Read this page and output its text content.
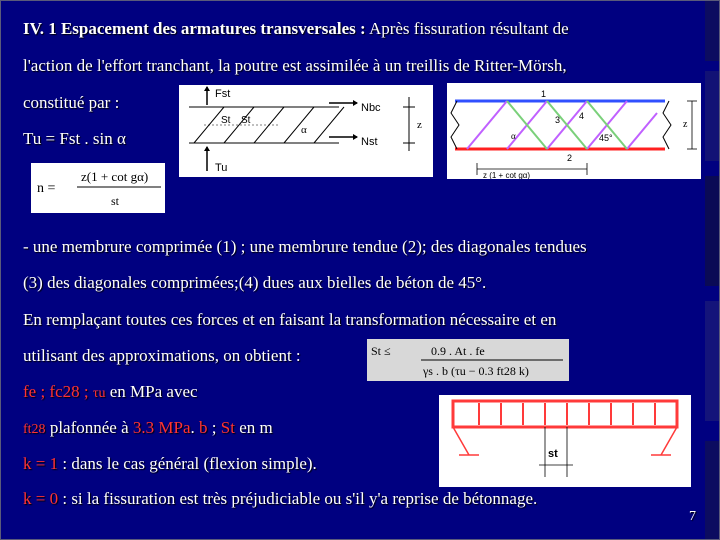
IV. 1 Espacement des armatures transversales : Après fissuration résultant de
l'action de l'effort tranchant, la poutre est assimilée à un treillis de Ritter-Mörsh,
constitué par :
Tu = Fst . sin α
Fst
St St
α
Nbc
Nst
Tu
z
1
2
3 4
α	45°
z
z (1 + cot gα)
n =
z(1 + cot gα)
st
- une membrure comprimée (1) ; une membrure tendue (2); des diagonales tendues
(3) des diagonales comprimées;(4) dues aux bielles de béton de 45°.
En remplaçant toutes ces forces et en faisant la transformation nécessaire et en
utilisant des approximations, on obtient :	St ≤	0.9 . At . fe
γs . b (τu − 0.3 ft28 k)
fe ; fc28 ; τu en MPa avec
ft28 plafonnée à 3.3 MPa. b ; St en m
st
k = 1 : dans le cas général (flexion simple).
k = 0 : si la fissuration est très préjudiciable ou s'il y'a reprise de bétonnage.
7
